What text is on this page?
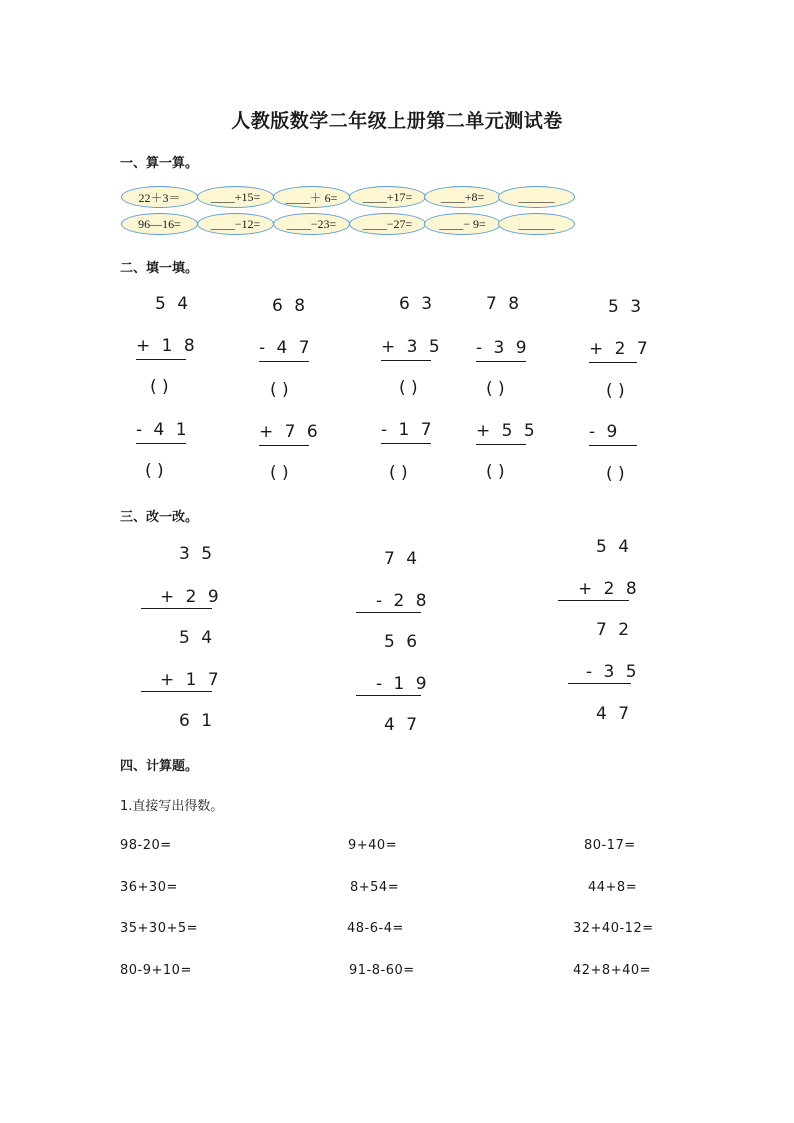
人教版数学二年级上册第二单元测试卷
一、算一算。
22＋3＝	____+15=	____＋ 6=	____+17=	____+8=	______
96—16=	____−12=	____−23=	____−27=	____− 9=	______
二、填一填。
5 4
+ 1 8
( )
- 4 1
( )
6 8
- 4 7
( )
+ 7 6
( )
6 3
+ 3 5
( )
- 1 7
( )
7 8
- 3 9
( )
+ 5 5
( )
5 3
+ 2 7
( )
- 9
( )
三、改一改。
3 5
+ 2 9
5 4
+ 1 7
6 1
7 4
- 2 8
5 6
- 1 9
4 7
5 4
+ 2 8
7 2
- 3 5
4 7
四、计算题。
1.直接写出得数。
98-20=	9+40=	80-17=
36+30=	8+54=	44+8=
35+30+5=	48-6-4=	32+40-12=
80-9+10=	91-8-60=	42+8+40=
